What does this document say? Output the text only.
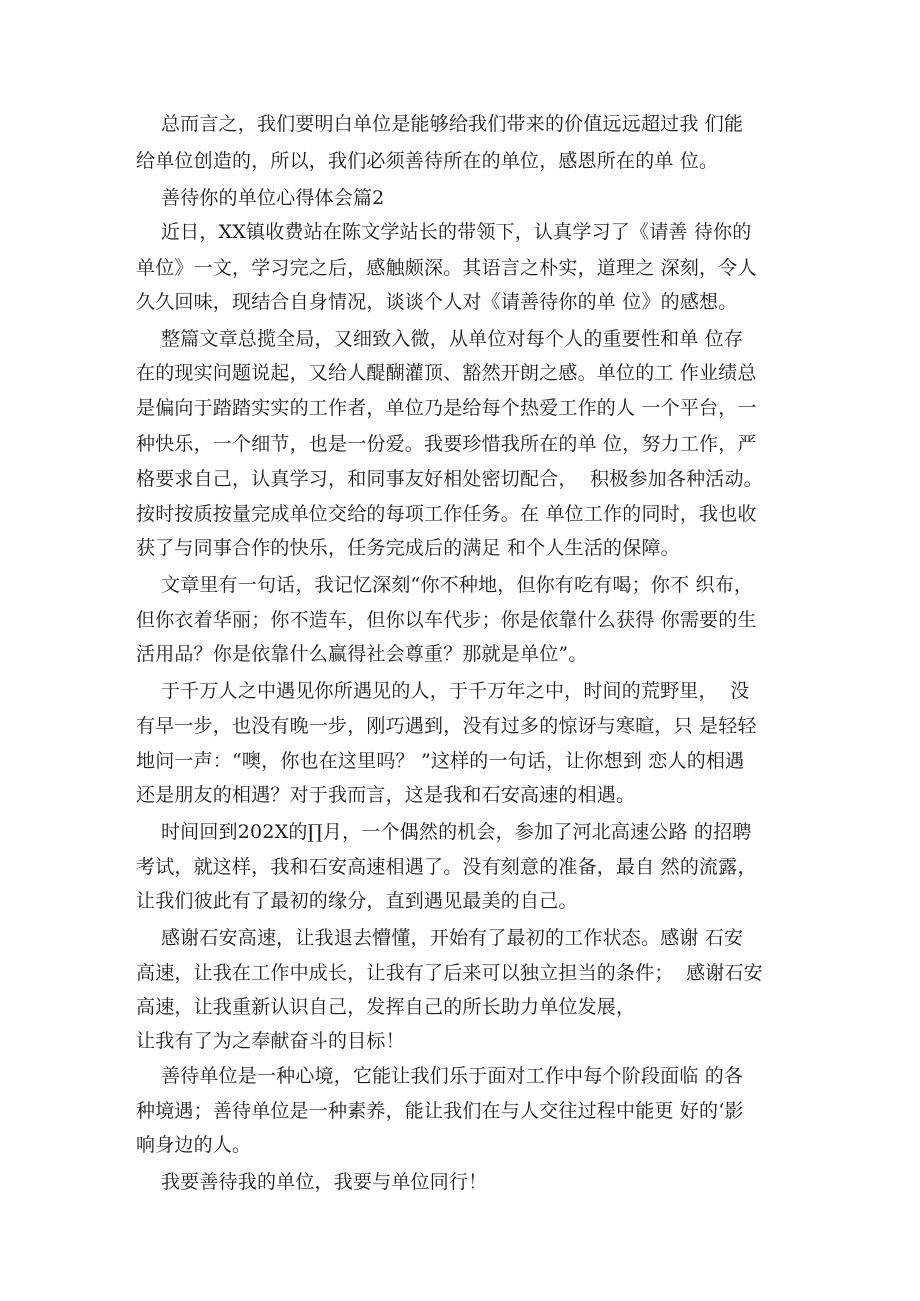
总而言之，我们要明白单位是能够给我们带来的价值远远超过我 们能
给单位创造的，所以，我们必须善待所在的单位，感恩所在的单 位。
善待你的单位心得体会篇2
近日，XX镇收费站在陈文学站长的带领下，认真学习了《请善 待你的
单位》一文，学习完之后，感触颇深。其语言之朴实，道理之 深刻，令人
久久回味，现结合自身情况，谈谈个人对《请善待你的单 位》的感想。
整篇文章总揽全局，又细致入微，从单位对每个人的重要性和单 位存
在的现实问题说起，又给人醍醐灌顶、豁然开朗之感。单位的工 作业绩总
是偏向于踏踏实实的工作者，单位乃是给每个热爱工作的人 一个平台，一
种快乐，一个细节，也是一份爱。我要珍惜我所在的单 位，努力工作，严
格要求自己，认真学习，和同事友好相处密切配合，  积极参加各种活动。
按时按质按量完成单位交给的每项工作任务。在 单位工作的同时，我也收
获了与同事合作的快乐，任务完成后的满足 和个人生活的保障。
文章里有一句话，我记忆深刻“你不种地，但你有吃有喝；你不 织布，
但你衣着华丽；你不造车，但你以车代步；你是依靠什么获得 你需要的生
活用品？你是依靠什么赢得社会尊重？那就是单位”。
于千万人之中遇见你所遇见的人，于千万年之中，时间的荒野里，  没
有早一步，也没有晚一步，刚巧遇到，没有过多的惊讶与寒暄，只 是轻轻
地问一声：“噢，你也在这里吗？ ”这样的一句话，让你想到 恋人的相遇
还是朋友的相遇？对于我而言，这是我和石安高速的相遇。
时间回到202X的∏月，一个偶然的机会，参加了河北高速公路 的招聘
考试，就这样，我和石安高速相遇了。没有刻意的准备，最自 然的流露，
让我们彼此有了最初的缘分，直到遇见最美的自己。
感谢石安高速，让我退去懵懂，开始有了最初的工作状态。感谢 石安
高速，让我在工作中成长，让我有了后来可以独立担当的条件；  感谢石安
高速，让我重新认识自己，发挥自己的所长助力单位发展，
让我有了为之奉献奋斗的目标！
善待单位是一种心境，它能让我们乐于面对工作中每个阶段面临 的各
种境遇；善待单位是一种素养，能让我们在与人交往过程中能更 好的‘影
响身边的人。
我要善待我的单位，我要与单位同行！
